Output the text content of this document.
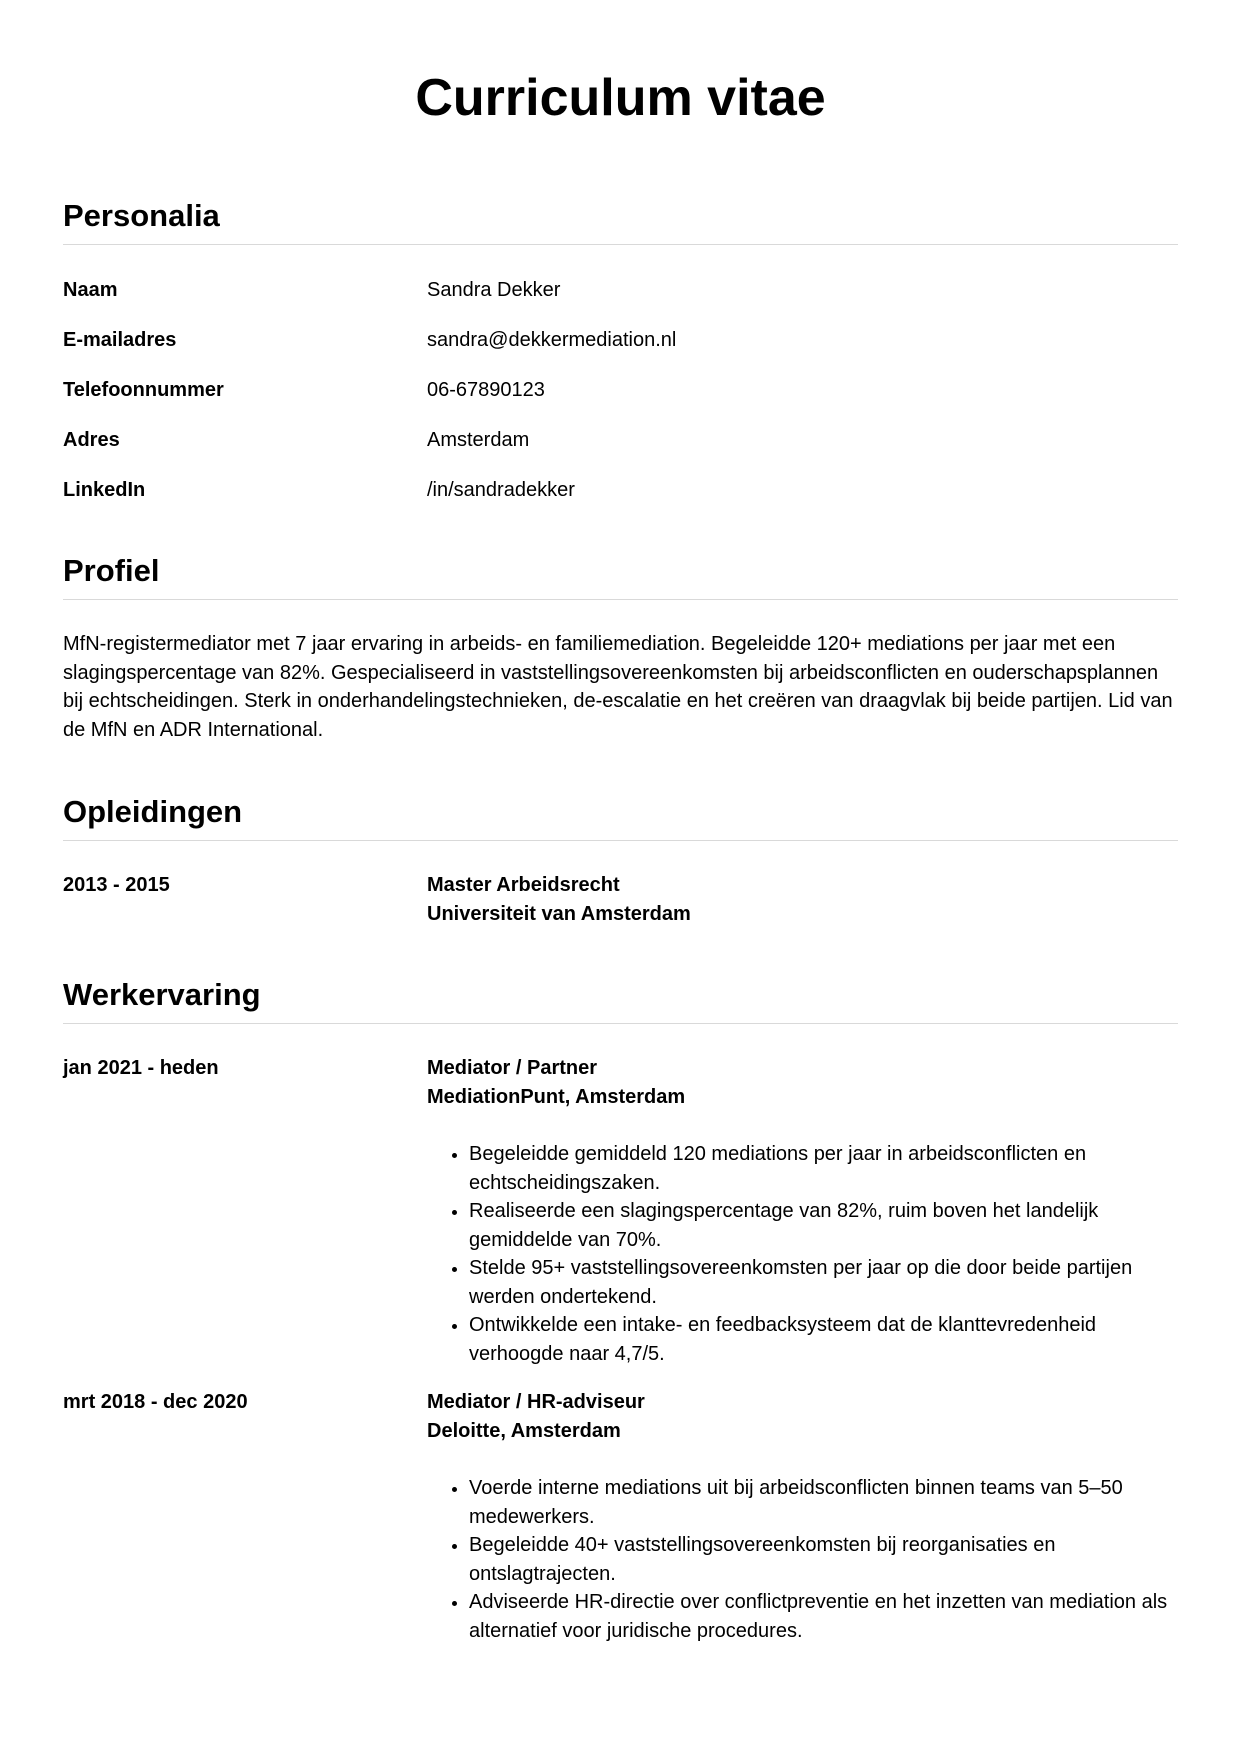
Curriculum vitae
Personalia
Naam	Sandra Dekker
E-mailadres	sandra@dekkermediation.nl
Telefoonnummer	06-67890123
Adres	Amsterdam
LinkedIn	/in/sandradekker
Profiel

MfN-registermediator met 7 jaar ervaring in arbeids- en familiemediation. Begeleidde 120+ mediations per jaar met een slagingspercentage van 82%. Gespecialiseerd in vaststellingsovereenkomsten bij arbeidsconflicten en ouderschapsplannen bij echtscheidingen. Sterk in onderhandelingstechnieken, de-escalatie en het creëren van draagvlak bij beide partijen. Lid van de MfN en ADR International.

Opleidingen
2013 - 2015	Master Arbeidsrecht
Universiteit van Amsterdam
Werkervaring
jan 2021 - heden	Mediator / Partner
MediationPunt, Amsterdam
• Begeleidde gemiddeld 120 mediations per jaar in arbeidsconflicten en echtscheidingszaken.
• Realiseerde een slagingspercentage van 82%, ruim boven het landelijk gemiddelde van 70%.
• Stelde 95+ vaststellingsovereenkomsten per jaar op die door beide partijen werden ondertekend.
• Ontwikkelde een intake- en feedbacksysteem dat de klanttevredenheid verhoogde naar 4,7/5.
mrt 2018 - dec 2020	Mediator / HR-adviseur
Deloitte, Amsterdam
• Voerde interne mediations uit bij arbeidsconflicten binnen teams van 5–50 medewerkers.
• Begeleidde 40+ vaststellingsovereenkomsten bij reorganisaties en ontslagtrajecten.
• Adviseerde HR-directie over conflictpreventie en het inzetten van mediation als alternatief voor juridische procedures.
